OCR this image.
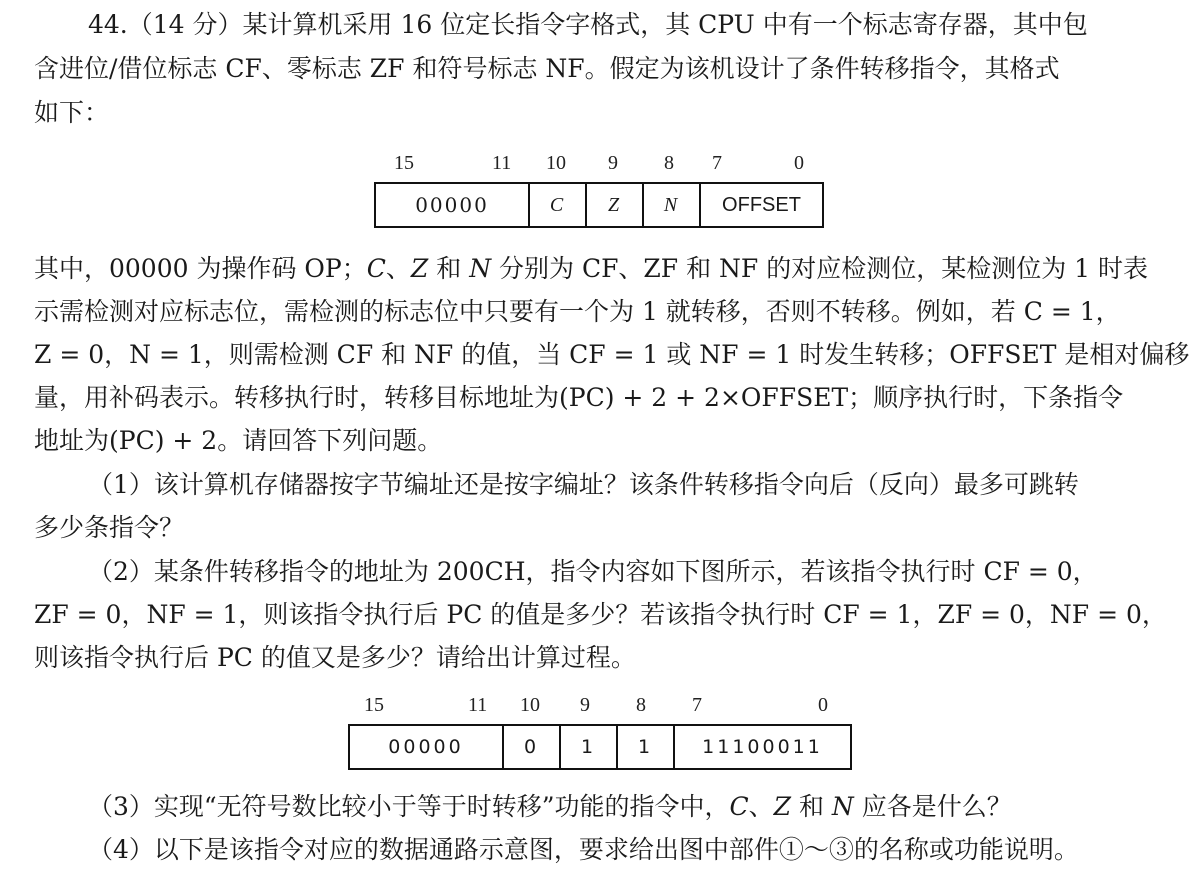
44.（14 分）某计算机采用 16 位定长指令字格式，其 CPU 中有一个标志寄存器，其中包
含进位/借位标志 CF、零标志 ZF 和符号标志 NF。假定为该机设计了条件转移指令，其格式
如下：
15	11 10 9 8 7	0
00000	C	Z	N	OFFSET
其中，00000 为操作码 OP；C、Z 和 N 分别为 CF、ZF 和 NF 的对应检测位，某检测位为 1 时表
示需检测对应标志位，需检测的标志位中只要有一个为 1 就转移，否则不转移。例如，若 C = 1，
Z = 0，N = 1，则需检测 CF 和 NF 的值，当 CF = 1 或 NF = 1 时发生转移；OFFSET 是相对偏移
量，用补码表示。转移执行时，转移目标地址为(PC) + 2 + 2×OFFSET；顺序执行时，下条指令
地址为(PC) + 2。请回答下列问题。
（1）该计算机存储器按字节编址还是按字编址？该条件转移指令向后（反向）最多可跳转
多少条指令？
（2）某条件转移指令的地址为 200CH，指令内容如下图所示，若该指令执行时 CF = 0，
ZF = 0，NF = 1，则该指令执行后 PC 的值是多少？若该指令执行时 CF = 1，ZF = 0，NF = 0，
则该指令执行后 PC 的值又是多少？请给出计算过程。
15	11 10 9 8 7	0
00000	0	1	1	11100011
（3）实现“无符号数比较小于等于时转移”功能的指令中，C、Z 和 N 应各是什么？
（4）以下是该指令对应的数据通路示意图，要求给出图中部件①～③的名称或功能说明。
